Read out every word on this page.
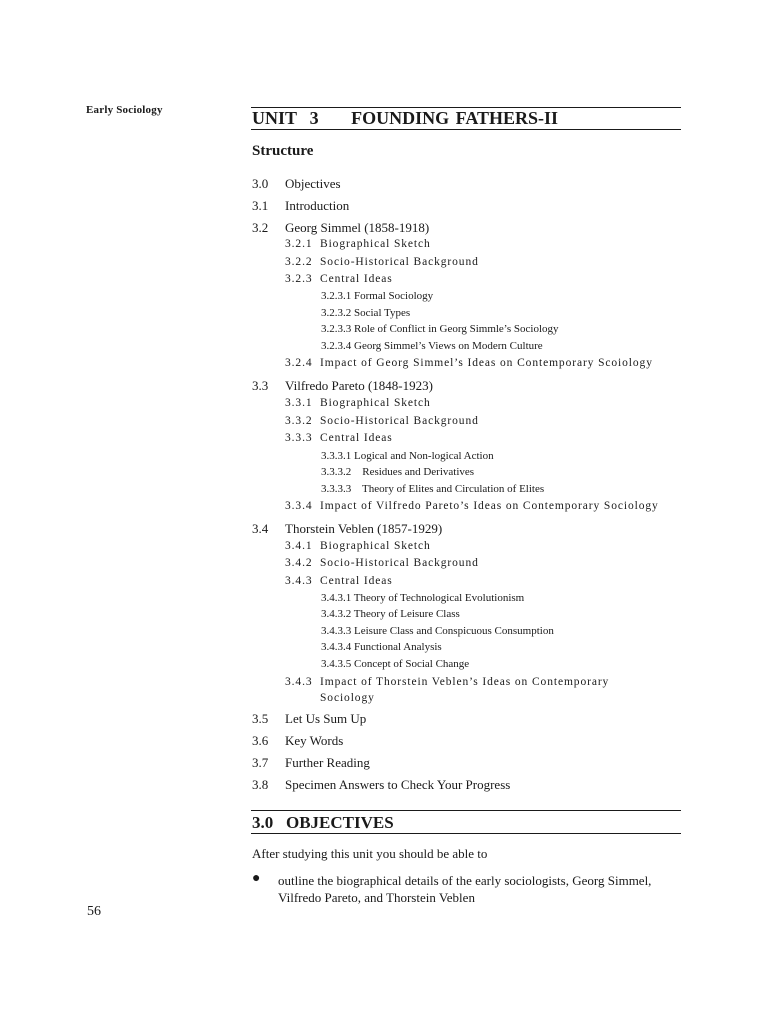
Early Sociology	UNIT  3     FOUNDING FATHERS-II
Structure
3.0 Objectives
3.1 Introduction
3.2 Georg Simmel (1858-1918)
3.2.1 Biographical Sketch
3.2.2 Socio-Historical Background
3.2.3 Central Ideas
3.2.3.1 Formal Sociology
3.2.3.2 Social Types
3.2.3.3 Role of Conflict in Georg Simmle’s Sociology
3.2.3.4 Georg Simmel’s Views on Modern Culture
3.2.4 Impact of Georg Simmel’s Ideas on Contemporary Scoiology
3.3 Vilfredo Pareto (1848-1923)
3.3.1 Biographical Sketch
3.3.2 Socio-Historical Background
3.3.3 Central Ideas
3.3.3.1 Logical and Non-logical Action
3.3.3.2    Residues and Derivatives
3.3.3.3    Theory of Elites and Circulation of Elites
3.3.4 Impact of Vilfredo Pareto’s Ideas on Contemporary Sociology
3.4 Thorstein Veblen (1857-1929)
3.4.1 Biographical Sketch
3.4.2 Socio-Historical Background
3.4.3 Central Ideas
3.4.3.1 Theory of Technological Evolutionism
3.4.3.2 Theory of Leisure Class
3.4.3.3 Leisure Class and Conspicuous Consumption
3.4.3.4 Functional Analysis
3.4.3.5 Concept of Social Change
3.4.3 Impact of Thorstein Veblen’s Ideas on Contemporary
Sociology
3.5 Let Us Sum Up
3.6 Key Words
3.7 Further Reading
3.8 Specimen Answers to Check Your Progress
3.0   OBJECTIVES
After studying this unit you should be able to
● outline the biographical details of the early sociologists, Georg Simmel, Vilfredo Pareto, and Thorstein Veblen
56
